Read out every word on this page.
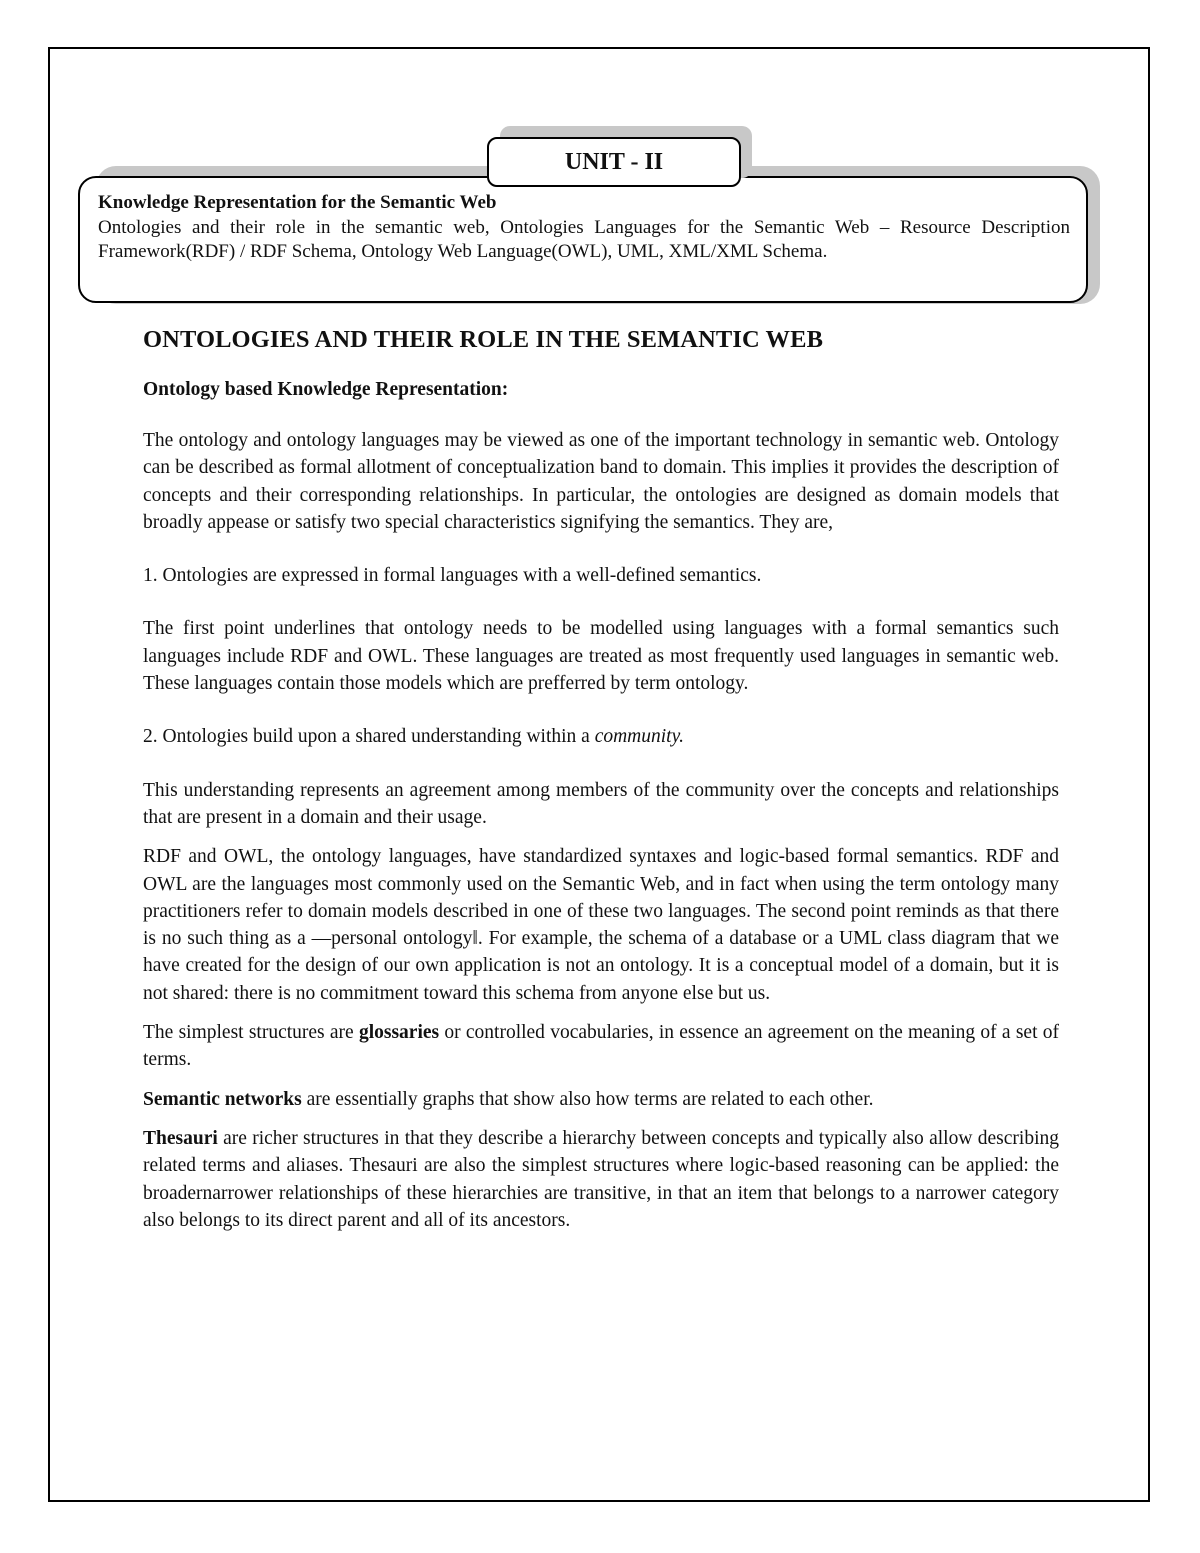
UNIT - II
Knowledge Representation for the Semantic Web
Ontologies and their role in the semantic web, Ontologies Languages for the Semantic Web – Resource Description Framework(RDF) / RDF Schema, Ontology Web Language(OWL), UML, XML/XML Schema.
ONTOLOGIES AND THEIR ROLE IN THE SEMANTIC WEB
Ontology based Knowledge Representation:

The ontology and ontology languages may be viewed as one of the important technology in semantic web. Ontology can be described as formal allotment of conceptualization band to domain. This implies it provides the description of concepts and their corresponding relationships. In particular, the ontologies are designed as domain models that broadly appease or satisfy two special characteristics signifying the semantics. They are,

1. Ontologies are expressed in formal languages with a well-defined semantics.

The first point underlines that ontology needs to be modelled using languages with a formal semantics such languages include RDF and OWL. These languages are treated as most frequently used languages in semantic web. These languages contain those models which are prefferred by term ontology.

2. Ontologies build upon a shared understanding within a community.

This understanding represents an agreement among members of the community over the concepts and relationships that are present in a domain and their usage.

RDF and OWL, the ontology languages, have standardized syntaxes and logic-based formal semantics. RDF and OWL are the languages most commonly used on the Semantic Web, and in fact when using the term ontology many practitioners refer to domain models described in one of these two languages. The second point reminds as that there is no such thing as a ―personal ontology‖. For example, the schema of a database or a UML class diagram that we have created for the design of our own application is not an ontology. It is a conceptual model of a domain, but it is not shared: there is no commitment toward this schema from anyone else but us.

The simplest structures are glossaries or controlled vocabularies, in essence an agreement on the meaning of a set of terms.

Semantic networks are essentially graphs that show also how terms are related to each other.

Thesauri are richer structures in that they describe a hierarchy between concepts and typically also allow describing related terms and aliases. Thesauri are also the simplest structures where logic-based reasoning can be applied: the broadernarrower relationships of these hierarchies are transitive, in that an item that belongs to a narrower category also belongs to its direct parent and all of its ancestors.
